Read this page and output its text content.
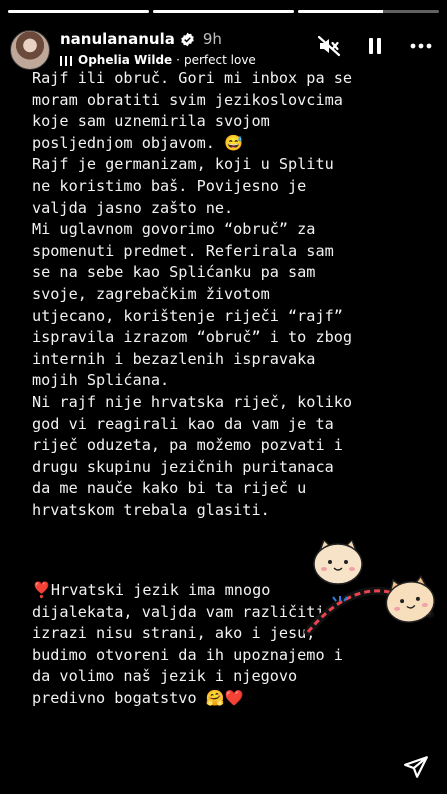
nanulananula 9h
Ophelia Wilde · perfect love
Rajf ili obruč. Gori mi inbox pa se
moram obratiti svim jezikoslovcima
koje sam uznemirila svojom
posljednjom objavom. 😅
Rajf je germanizam, koji u Splitu
ne koristimo baš. Povijesno je
valjda jasno zašto ne.
Mi uglavnom govorimo “obruč” za
spomenuti predmet. Referirala sam
se na sebe kao Splićanku pa sam
svoje, zagrebačkim životom
utjecano, korištenje riječi “rajf”
ispravila izrazom “obruč” i to zbog
internih i bezazlenih ispravaka
mojih Splićana.
Ni rajf nije hrvatska riječ, koliko
god vi reagirali kao da vam je ta
riječ oduzeta, pa možemo pozvati i
drugu skupinu jezičnih puritanaca
da me nauče kako bi ta riječ u
hrvatskom trebala glasiti.
❣️Hrvatski jezik ima mnogo
dijalekata, valjda vam različiti
izrazi nisu strani, ako i jesu,
budimo otvoreni da ih upoznajemo i
da volimo naš jezik i njegovo
predivno bogatstvo 🤗❤️
